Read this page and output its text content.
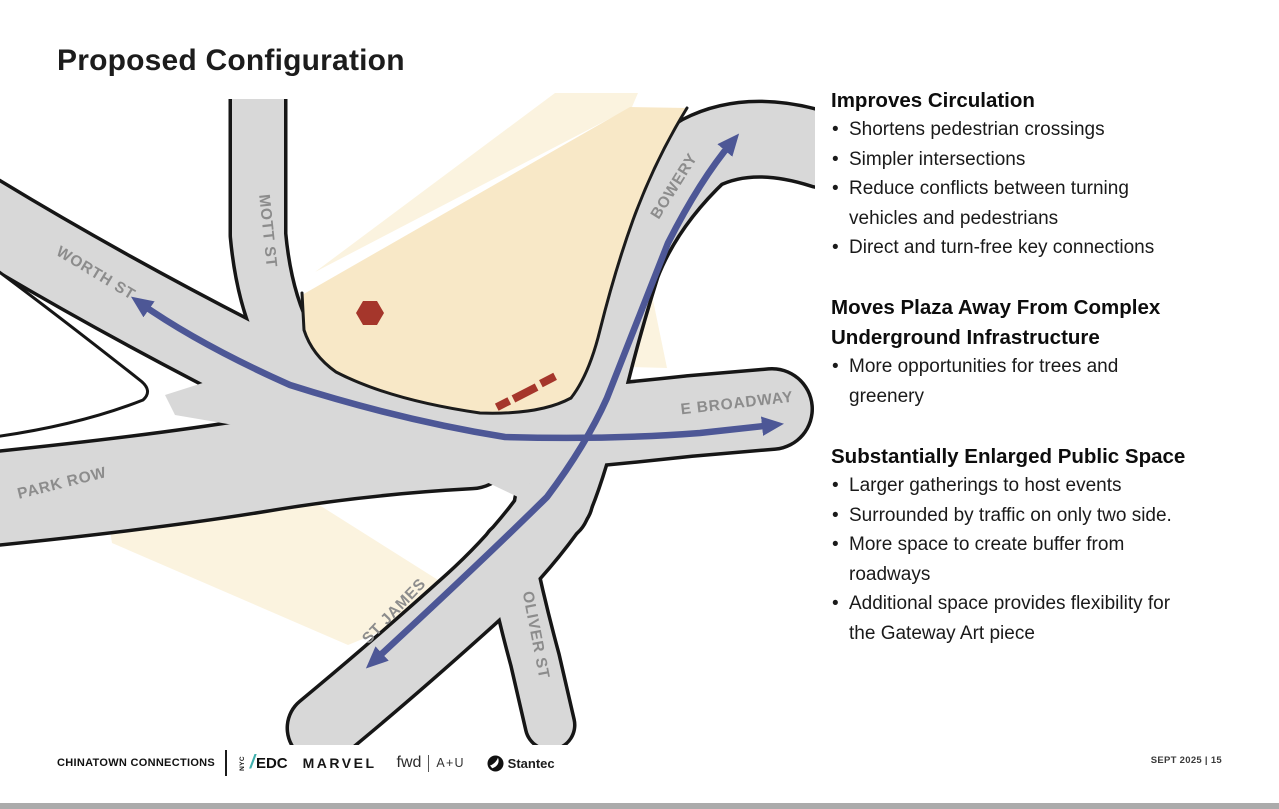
Proposed Configuration
WORTH ST
MOTT ST
BOWERY
E BROADWAY
PARK ROW
ST JAMES	OLIVER ST
Improves Circulation
• Shortens pedestrian crossings
• Simpler intersections
• Reduce conflicts between turning
vehicles and pedestrians
• Direct and turn-free key connections
Moves Plaza Away From Complex
Underground Infrastructure
• More opportunities for trees and
greenery
Substantially Enlarged Public Space
• Larger gatherings to host events
• Surrounded by traffic on only two side.
• More space to create buffer from
roadways
• Additional space provides flexibility for
the Gateway Art piece
CHINATOWN CONNECTIONS	NYC / EDC MARVEL fwd A+U	Stantec	SEPT 2025 | 15
